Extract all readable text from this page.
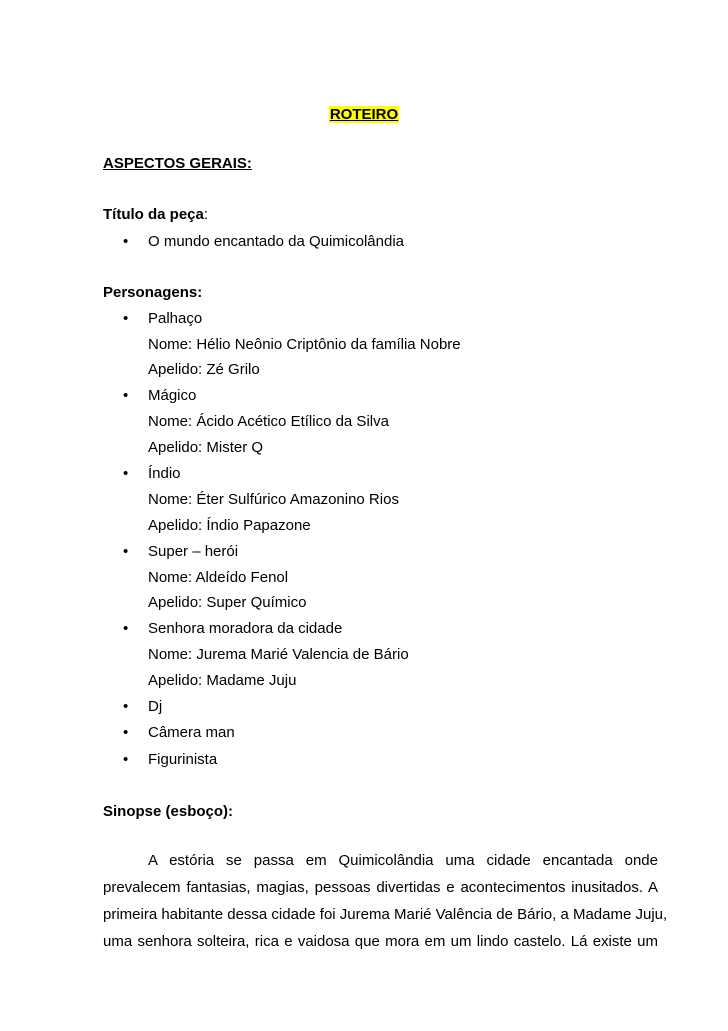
ROTEIRO
ASPECTOS GERAIS:
Título da peça:
• O mundo encantado da Quimicolândia
Personagens:
• Palhaço
Nome: Hélio Neônio Criptônio da família Nobre
Apelido: Zé Grilo
• Mágico
Nome: Ácido Acético Etílico da Silva
Apelido: Mister Q
• Índio
Nome: Éter Sulfúrico Amazonino Rios
Apelido: Índio Papazone
• Super – herói
Nome: Aldeído Fenol
Apelido: Super Químico
• Senhora moradora da cidade
Nome: Jurema Marié Valencia de Bário
Apelido: Madame Juju
• Dj
• Câmera man
• Figurinista
Sinopse (esboço):
A estória se passa em Quimicolândia uma cidade encantada onde
prevalecem fantasias, magias, pessoas divertidas e acontecimentos inusitados. A
primeira habitante dessa cidade foi Jurema Marié Valência de Bário, a Madame Juju,
uma senhora solteira, rica e vaidosa que mora em um lindo castelo. Lá existe um
